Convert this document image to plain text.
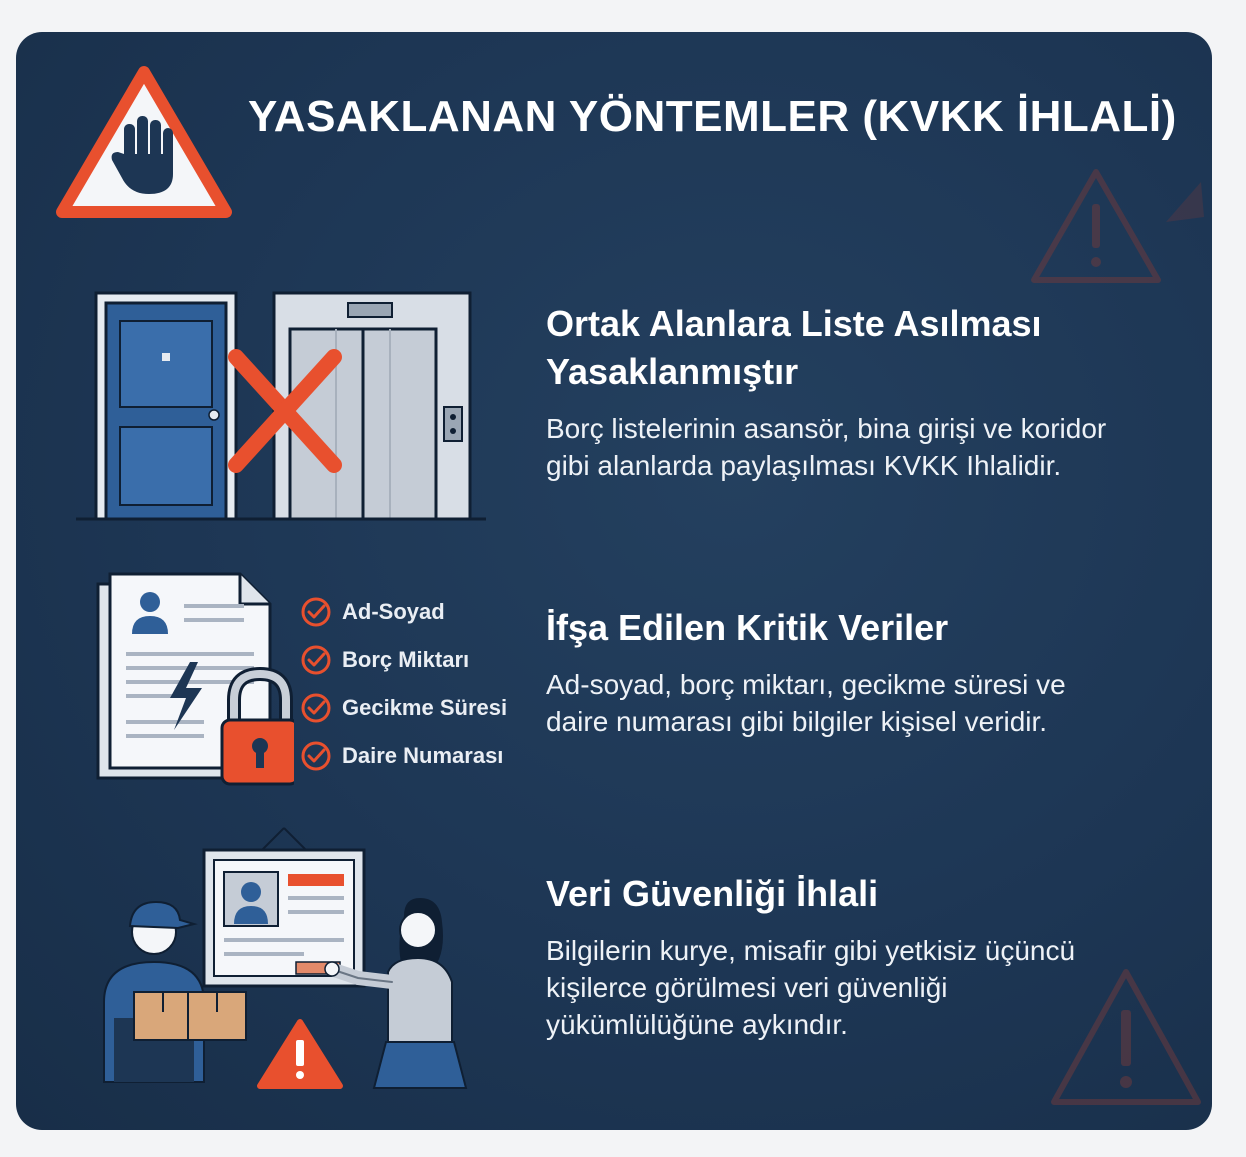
YASAKLANAN YÖNTEMLER (KVKK İHLALİ)
Ortak Alanlara Liste Asılması
Yasaklanmıştır

Borç listelerinin asansör, bina girişi ve koridor
gibi alanlarda paylaşılması KVKK Ihlalidir.

Ad-Soyad
Borç Miktarı
Gecikme Süresi
Daire Numarası
İfşa Edilen Kritik Veriler

Ad-soyad, borç miktarı, gecikme süresi ve
daire numarası gibi bilgiler kişisel veridir.

Veri Güvenliği İhlali

Bilgilerin kurye, misafir gibi yetkisiz üçüncü
kişilerce görülmesi veri güvenliği
yükümlülüğüne aykındır.
